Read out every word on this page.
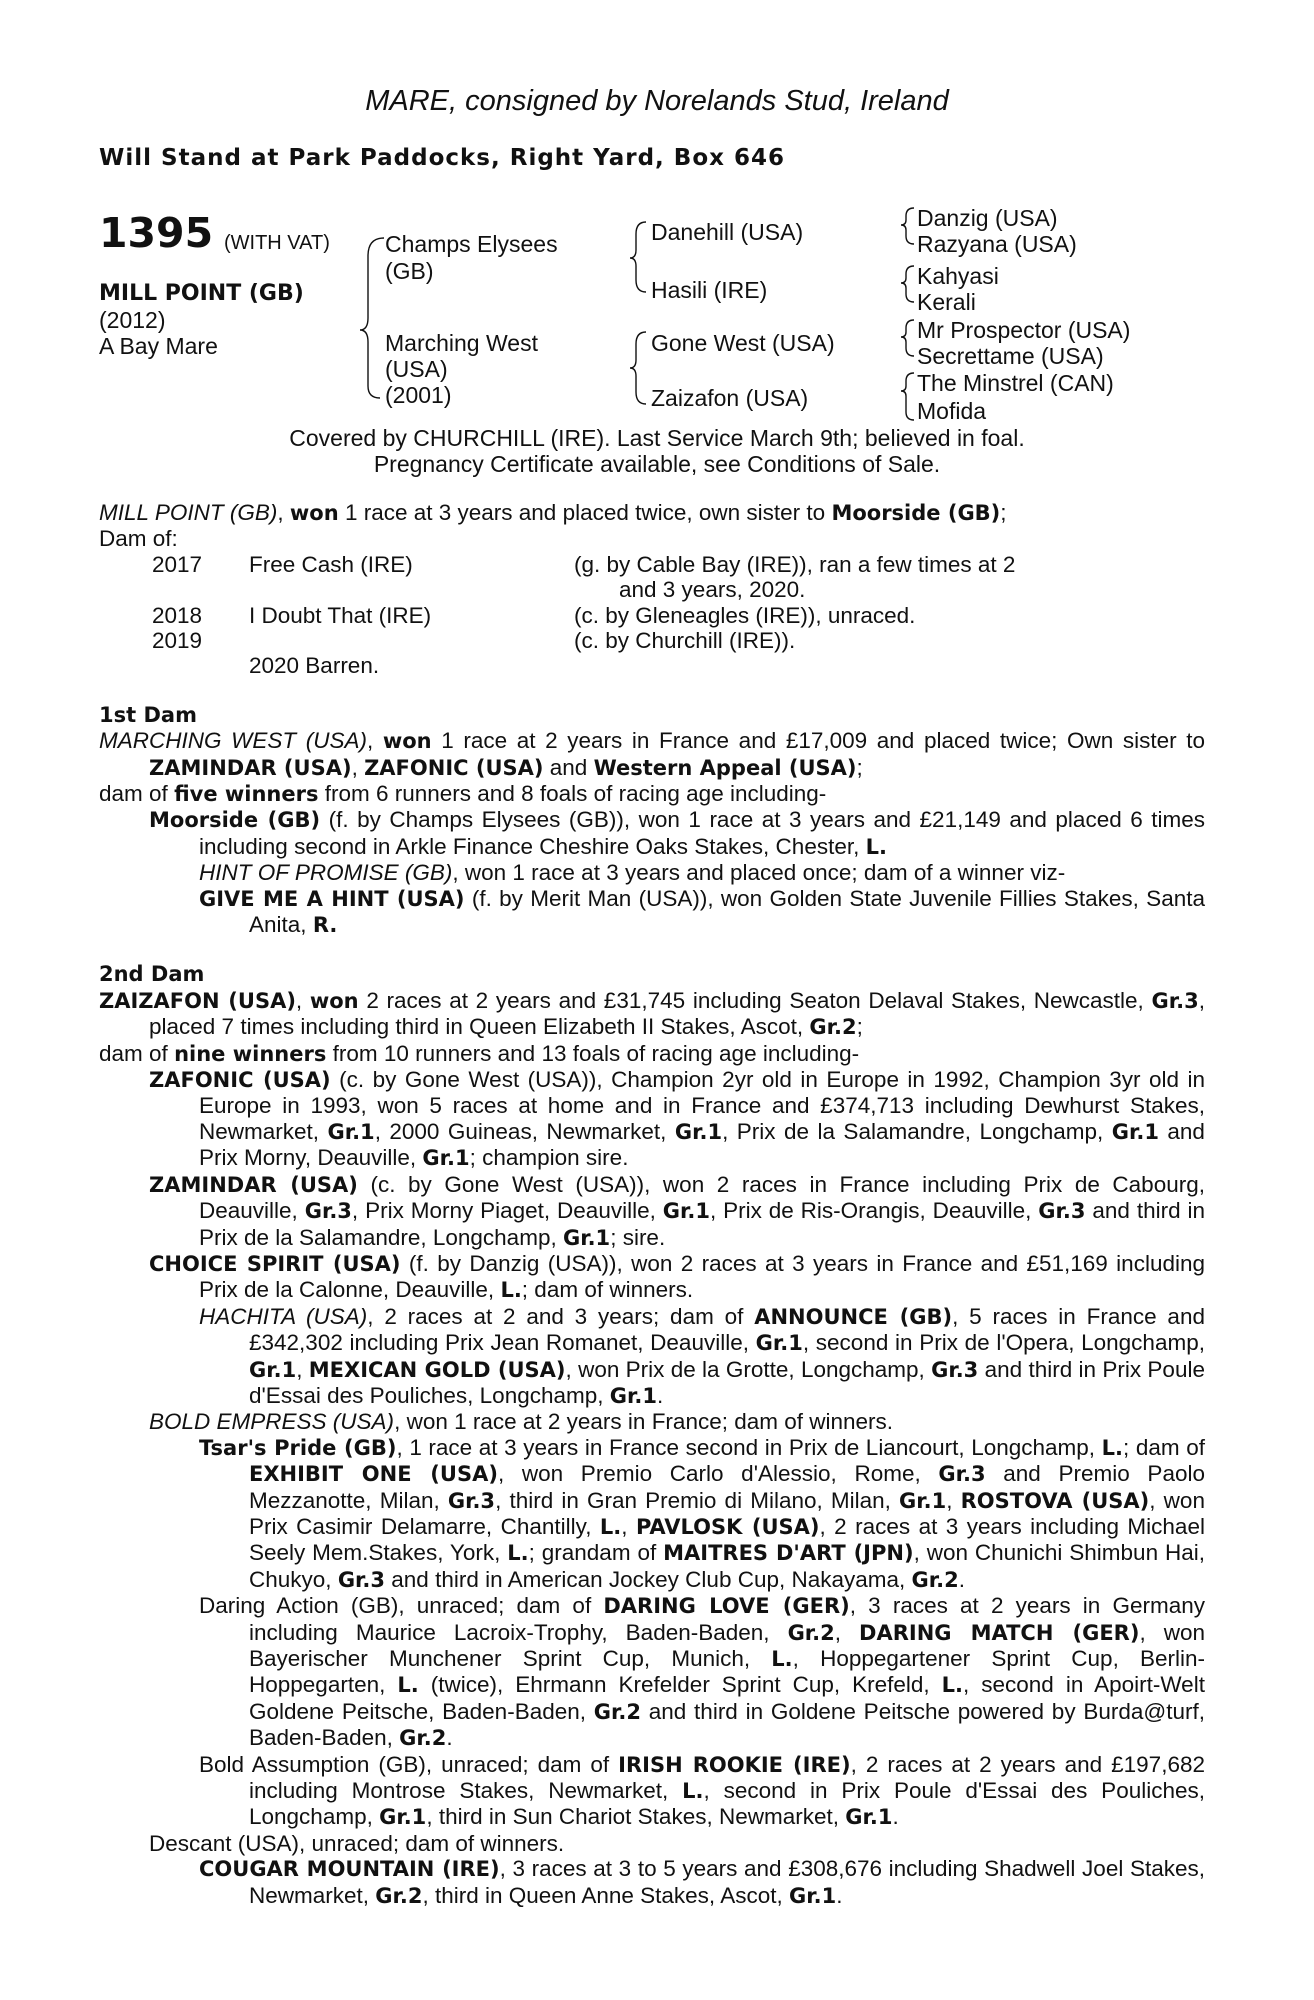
MARE, consigned by Norelands Stud, Ireland
Will Stand at Park Paddocks, Right Yard, Box 646
1395 (WITH VAT)
MILL POINT (GB)
(2012)
A Bay Mare
Champs Elysees
(GB)
Marching West
(USA)
(2001)
Danehill (USA)
Hasili (IRE)
Gone West (USA)
Zaizafon (USA)
Danzig (USA)
Razyana (USA)
Kahyasi
Kerali
Mr Prospector (USA)
Secrettame (USA)
The Minstrel (CAN)
Mofida
Covered by CHURCHILL (IRE). Last Service March 9th; believed in foal.
Pregnancy Certificate available, see Conditions of Sale.
MILL POINT (GB), won 1 race at 3 years and placed twice, own sister to Moorside (GB);
Dam of:
2017 Free Cash (IRE)	(g. by Cable Bay (IRE)), ran a few times at 2
and 3 years, 2020.
2018 I Doubt That (IRE)	(c. by Gleneagles (IRE)), unraced.
2019	(c. by Churchill (IRE)).
2020 Barren.
1st Dam
MARCHING WEST (USA), won 1 race at 2 years in France and £17,009 and placed twice; Own sister to ZAMINDAR (USA), ZAFONIC (USA) and Western Appeal (USA);
dam of five winners from 6 runners and 8 foals of racing age including-
Moorside (GB) (f. by Champs Elysees (GB)), won 1 race at 3 years and £21,149 and placed 6 times including second in Arkle Finance Cheshire Oaks Stakes, Chester, L.
HINT OF PROMISE (GB), won 1 race at 3 years and placed once; dam of a winner viz-
GIVE ME A HINT (USA) (f. by Merit Man (USA)), won Golden State Juvenile Fillies Stakes, Santa Anita, R.
2nd Dam
ZAIZAFON (USA), won 2 races at 2 years and £31,745 including Seaton Delaval Stakes, Newcastle, Gr.3, placed 7 times including third in Queen Elizabeth II Stakes, Ascot, Gr.2;
dam of nine winners from 10 runners and 13 foals of racing age including-
ZAFONIC (USA) (c. by Gone West (USA)), Champion 2yr old in Europe in 1992, Champion 3yr old in Europe in 1993, won 5 races at home and in France and £374,713 including Dewhurst Stakes, Newmarket, Gr.1, 2000 Guineas, Newmarket, Gr.1, Prix de la Salamandre, Longchamp, Gr.1 and Prix Morny, Deauville, Gr.1; champion sire.
ZAMINDAR (USA) (c. by Gone West (USA)), won 2 races in France including Prix de Cabourg, Deauville, Gr.3, Prix Morny Piaget, Deauville, Gr.1, Prix de Ris-Orangis, Deauville, Gr.3 and third in Prix de la Salamandre, Longchamp, Gr.1; sire.
CHOICE SPIRIT (USA) (f. by Danzig (USA)), won 2 races at 3 years in France and £51,169 including Prix de la Calonne, Deauville, L.; dam of winners.
HACHITA (USA), 2 races at 2 and 3 years; dam of ANNOUNCE (GB), 5 races in France and £342,302 including Prix Jean Romanet, Deauville, Gr.1, second in Prix de l'Opera, Longchamp, Gr.1, MEXICAN GOLD (USA), won Prix de la Grotte, Longchamp, Gr.3 and third in Prix Poule d'Essai des Pouliches, Longchamp, Gr.1.
BOLD EMPRESS (USA), won 1 race at 2 years in France; dam of winners.
Tsar's Pride (GB), 1 race at 3 years in France second in Prix de Liancourt, Longchamp, L.; dam of EXHIBIT ONE (USA), won Premio Carlo d'Alessio, Rome, Gr.3 and Premio Paolo Mezzanotte, Milan, Gr.3, third in Gran Premio di Milano, Milan, Gr.1, ROSTOVA (USA), won Prix Casimir Delamarre, Chantilly, L., PAVLOSK (USA), 2 races at 3 years including Michael Seely Mem.Stakes, York, L.; grandam of MAITRES D'ART (JPN), won Chunichi Shimbun Hai, Chukyo, Gr.3 and third in American Jockey Club Cup, Nakayama, Gr.2.
Daring Action (GB), unraced; dam of DARING LOVE (GER), 3 races at 2 years in Germany including Maurice Lacroix-Trophy, Baden-Baden, Gr.2, DARING MATCH (GER), won Bayerischer Munchener Sprint Cup, Munich, L., Hoppegartener Sprint Cup, Berlin-Hoppegarten, L. (twice), Ehrmann Krefelder Sprint Cup, Krefeld, L., second in Apoirt-Welt Goldene Peitsche, Baden-Baden, Gr.2 and third in Goldene Peitsche powered by Burda@turf, Baden-Baden, Gr.2.
Bold Assumption (GB), unraced; dam of IRISH ROOKIE (IRE), 2 races at 2 years and £197,682 including Montrose Stakes, Newmarket, L., second in Prix Poule d'Essai des Pouliches, Longchamp, Gr.1, third in Sun Chariot Stakes, Newmarket, Gr.1.
Descant (USA), unraced; dam of winners.
COUGAR MOUNTAIN (IRE), 3 races at 3 to 5 years and £308,676 including Shadwell Joel Stakes, Newmarket, Gr.2, third in Queen Anne Stakes, Ascot, Gr.1.
